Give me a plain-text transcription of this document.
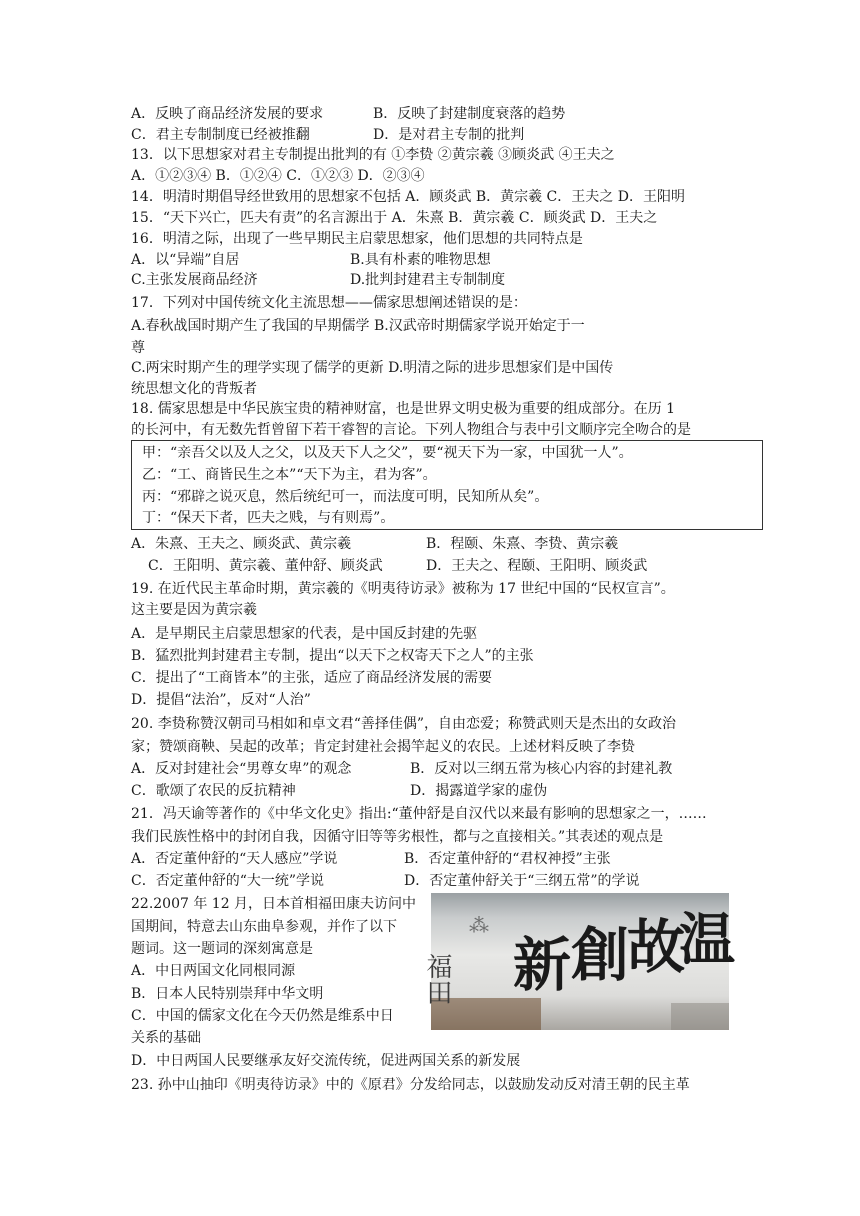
A．反映了商品经济发展的要求	B．反映了封建制度衰落的趋势
C．君主专制制度已经被推翻	D．是对君主专制的批判
13．以下思想家对君主专制提出批判的有 ①李贽 ②黄宗羲 ③顾炎武 ④王夫之
A．①②③④ B．①②④ C．①②③ D．②③④
14．明清时期倡导经世致用的思想家不包括 A．顾炎武 B．黄宗羲 C．王夫之 D．王阳明
15．“天下兴亡，匹夫有责”的名言源出于 A．朱熹 B．黄宗羲 C．顾炎武 D．王夫之
16．明清之际，出现了一些早期民主启蒙思想家，他们思想的共同特点是
A．以“异端”自居	B.具有朴素的唯物思想
C.主张发展商品经济	D.批判封建君主专制制度
17．下列对中国传统文化主流思想——儒家思想阐述错误的是：
A.春秋战国时期产生了我国的早期儒学 B.汉武帝时期儒家学说开始定于一
尊
C.两宋时期产生的理学实现了儒学的更新 D.明清之际的进步思想家们是中国传
统思想文化的背叛者
18. 儒家思想是中华民族宝贵的精神财富，也是世界文明史极为重要的组成部分。在历 1
的长河中，有无数先哲曾留下若干睿智的言论。下列人物组合与表中引文顺序完全吻合的是
甲：“亲吾父以及人之父，以及天下人之父”，要“视天下为一家，中国犹一人”。
乙：“工、商皆民生之本”“天下为主，君为客”。
丙：“邪辟之说灭息，然后统纪可一，而法度可明，民知所从矣”。
丁：“保天下者，匹夫之贱，与有则焉”。
A．朱熹、王夫之、顾炎武、黄宗羲	B．程颐、朱熹、李贽、黄宗羲
C．王阳明、黄宗羲、董仲舒、顾炎武	D．王夫之、程颐、王阳明、顾炎武
19. 在近代民主革命时期，黄宗羲的《明夷待访录》被称为 17 世纪中国的“民权宣言”。
这主要是因为黄宗羲
A．是早期民主启蒙思想家的代表，是中国反封建的先驱
B．猛烈批判封建君主专制，提出“以天下之权寄天下之人”的主张
C．提出了“工商皆本”的主张，适应了商品经济发展的需要
D．提倡“法治”，反对“人治”
20. 李贽称赞汉朝司马相如和卓文君“善择佳偶”，自由恋爱；称赞武则天是杰出的女政治
家；赞颂商鞅、吴起的改革；肯定封建社会揭竿起义的农民。上述材料反映了李贽
A．反对封建社会“男尊女卑”的观念	B．反对以三纲五常为核心内容的封建礼教
C．歌颂了农民的反抗精神	D．揭露道学家的虚伪
21．冯天谕等著作的《中华文化史》指出:“董仲舒是自汉代以来最有影响的思想家之一，……
我们民族性格中的封闭自我，因循守旧等等劣根性，都与之直接相关。”其表述的观点是
A．否定董仲舒的“天人感应”学说	B．否定董仲舒的“君权神授”主张
C．否定董仲舒的“大一统”学说	D．否定董仲舒关于“三纲五常”的学说
22.2007 年 12 月，日本首相福田康夫访问中
国期间，特意去山东曲阜参观，并作了以下
题词。这一题词的深刻寓意是
A．中日两国文化同根同源
B．日本人民特别崇拜中华文明
C．中国的儒家文化在今天仍然是维系中日
关系的基础
D．中日两国人民要继承友好交流传统，促进两国关系的新发展
福田
⁂
新 創
故
温
23. 孙中山抽印《明夷待访录》中的《原君》分发给同志，以鼓励发动反对清王朝的民主革
